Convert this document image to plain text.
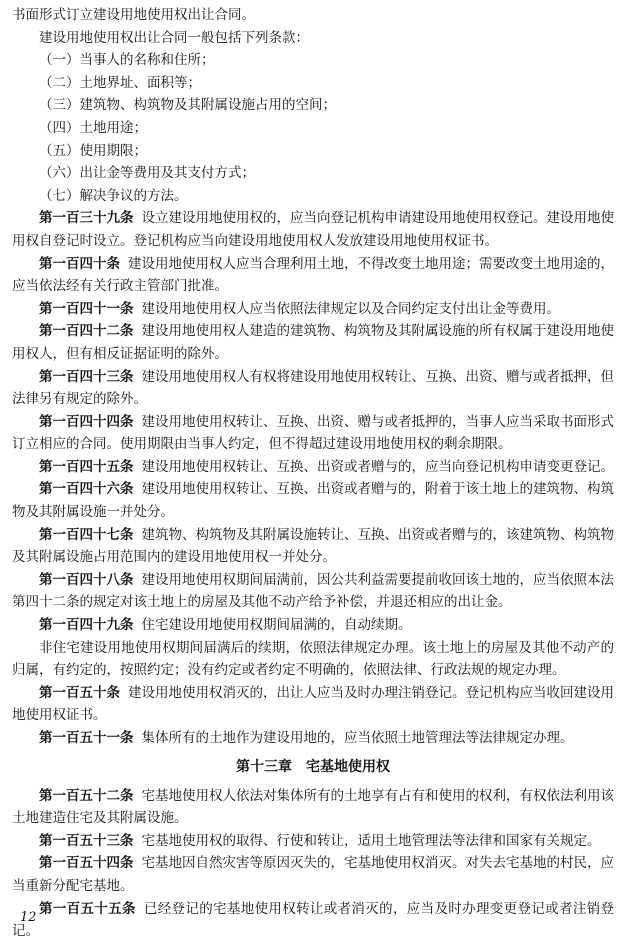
书面形式订立建设用地使用权出让合同。
建设用地使用权出让合同一般包括下列条款：
（一）当事人的名称和住所；
（二）土地界址、面积等；
（三）建筑物、构筑物及其附属设施占用的空间；
（四）土地用途；
（五）使用期限；
（六）出让金等费用及其支付方式；
（七）解决争议的方法。
第一百三十九条 设立建设用地使用权的，应当向登记机构申请建设用地使用权登记。建设用地使用权自登记时设立。登记机构应当向建设用地使用权人发放建设用地使用权证书。
第一百四十条 建设用地使用权人应当合理利用土地，不得改变土地用途；需要改变土地用途的，应当依法经有关行政主管部门批准。
第一百四十一条 建设用地使用权人应当依照法律规定以及合同约定支付出让金等费用。
第一百四十二条 建设用地使用权人建造的建筑物、构筑物及其附属设施的所有权属于建设用地使用权人，但有相反证据证明的除外。
第一百四十三条 建设用地使用权人有权将建设用地使用权转让、互换、出资、赠与或者抵押，但法律另有规定的除外。
第一百四十四条 建设用地使用权转让、互换、出资、赠与或者抵押的，当事人应当采取书面形式订立相应的合同。使用期限由当事人约定，但不得超过建设用地使用权的剩余期限。
第一百四十五条 建设用地使用权转让、互换、出资或者赠与的，应当向登记机构申请变更登记。
第一百四十六条 建设用地使用权转让、互换、出资或者赠与的，附着于该土地上的建筑物、构筑物及其附属设施一并处分。
第一百四十七条 建筑物、构筑物及其附属设施转让、互换、出资或者赠与的，该建筑物、构筑物及其附属设施占用范围内的建设用地使用权一并处分。
第一百四十八条 建设用地使用权期间届满前，因公共利益需要提前收回该土地的，应当依照本法第四十二条的规定对该土地上的房屋及其他不动产给予补偿，并退还相应的出让金。
第一百四十九条 住宅建设用地使用权期间届满的，自动续期。
非住宅建设用地使用权期间届满后的续期，依照法律规定办理。该土地上的房屋及其他不动产的归属，有约定的，按照约定；没有约定或者约定不明确的，依照法律、行政法规的规定办理。
第一百五十条 建设用地使用权消灭的，出让人应当及时办理注销登记。登记机构应当收回建设用地使用权证书。
第一百五十一条 集体所有的土地作为建设用地的，应当依照土地管理法等法律规定办理。
第十三章　宅基地使用权
第一百五十二条 宅基地使用权人依法对集体所有的土地享有占有和使用的权利，有权依法利用该土地建造住宅及其附属设施。
第一百五十三条 宅基地使用权的取得、行使和转让，适用土地管理法等法律和国家有关规定。
第一百五十四条 宅基地因自然灾害等原因灭失的，宅基地使用权消灭。对失去宅基地的村民，应当重新分配宅基地。
第一百五十五条 已经登记的宅基地使用权转让或者消灭的，应当及时办理变更登记或者注销登记。
12
